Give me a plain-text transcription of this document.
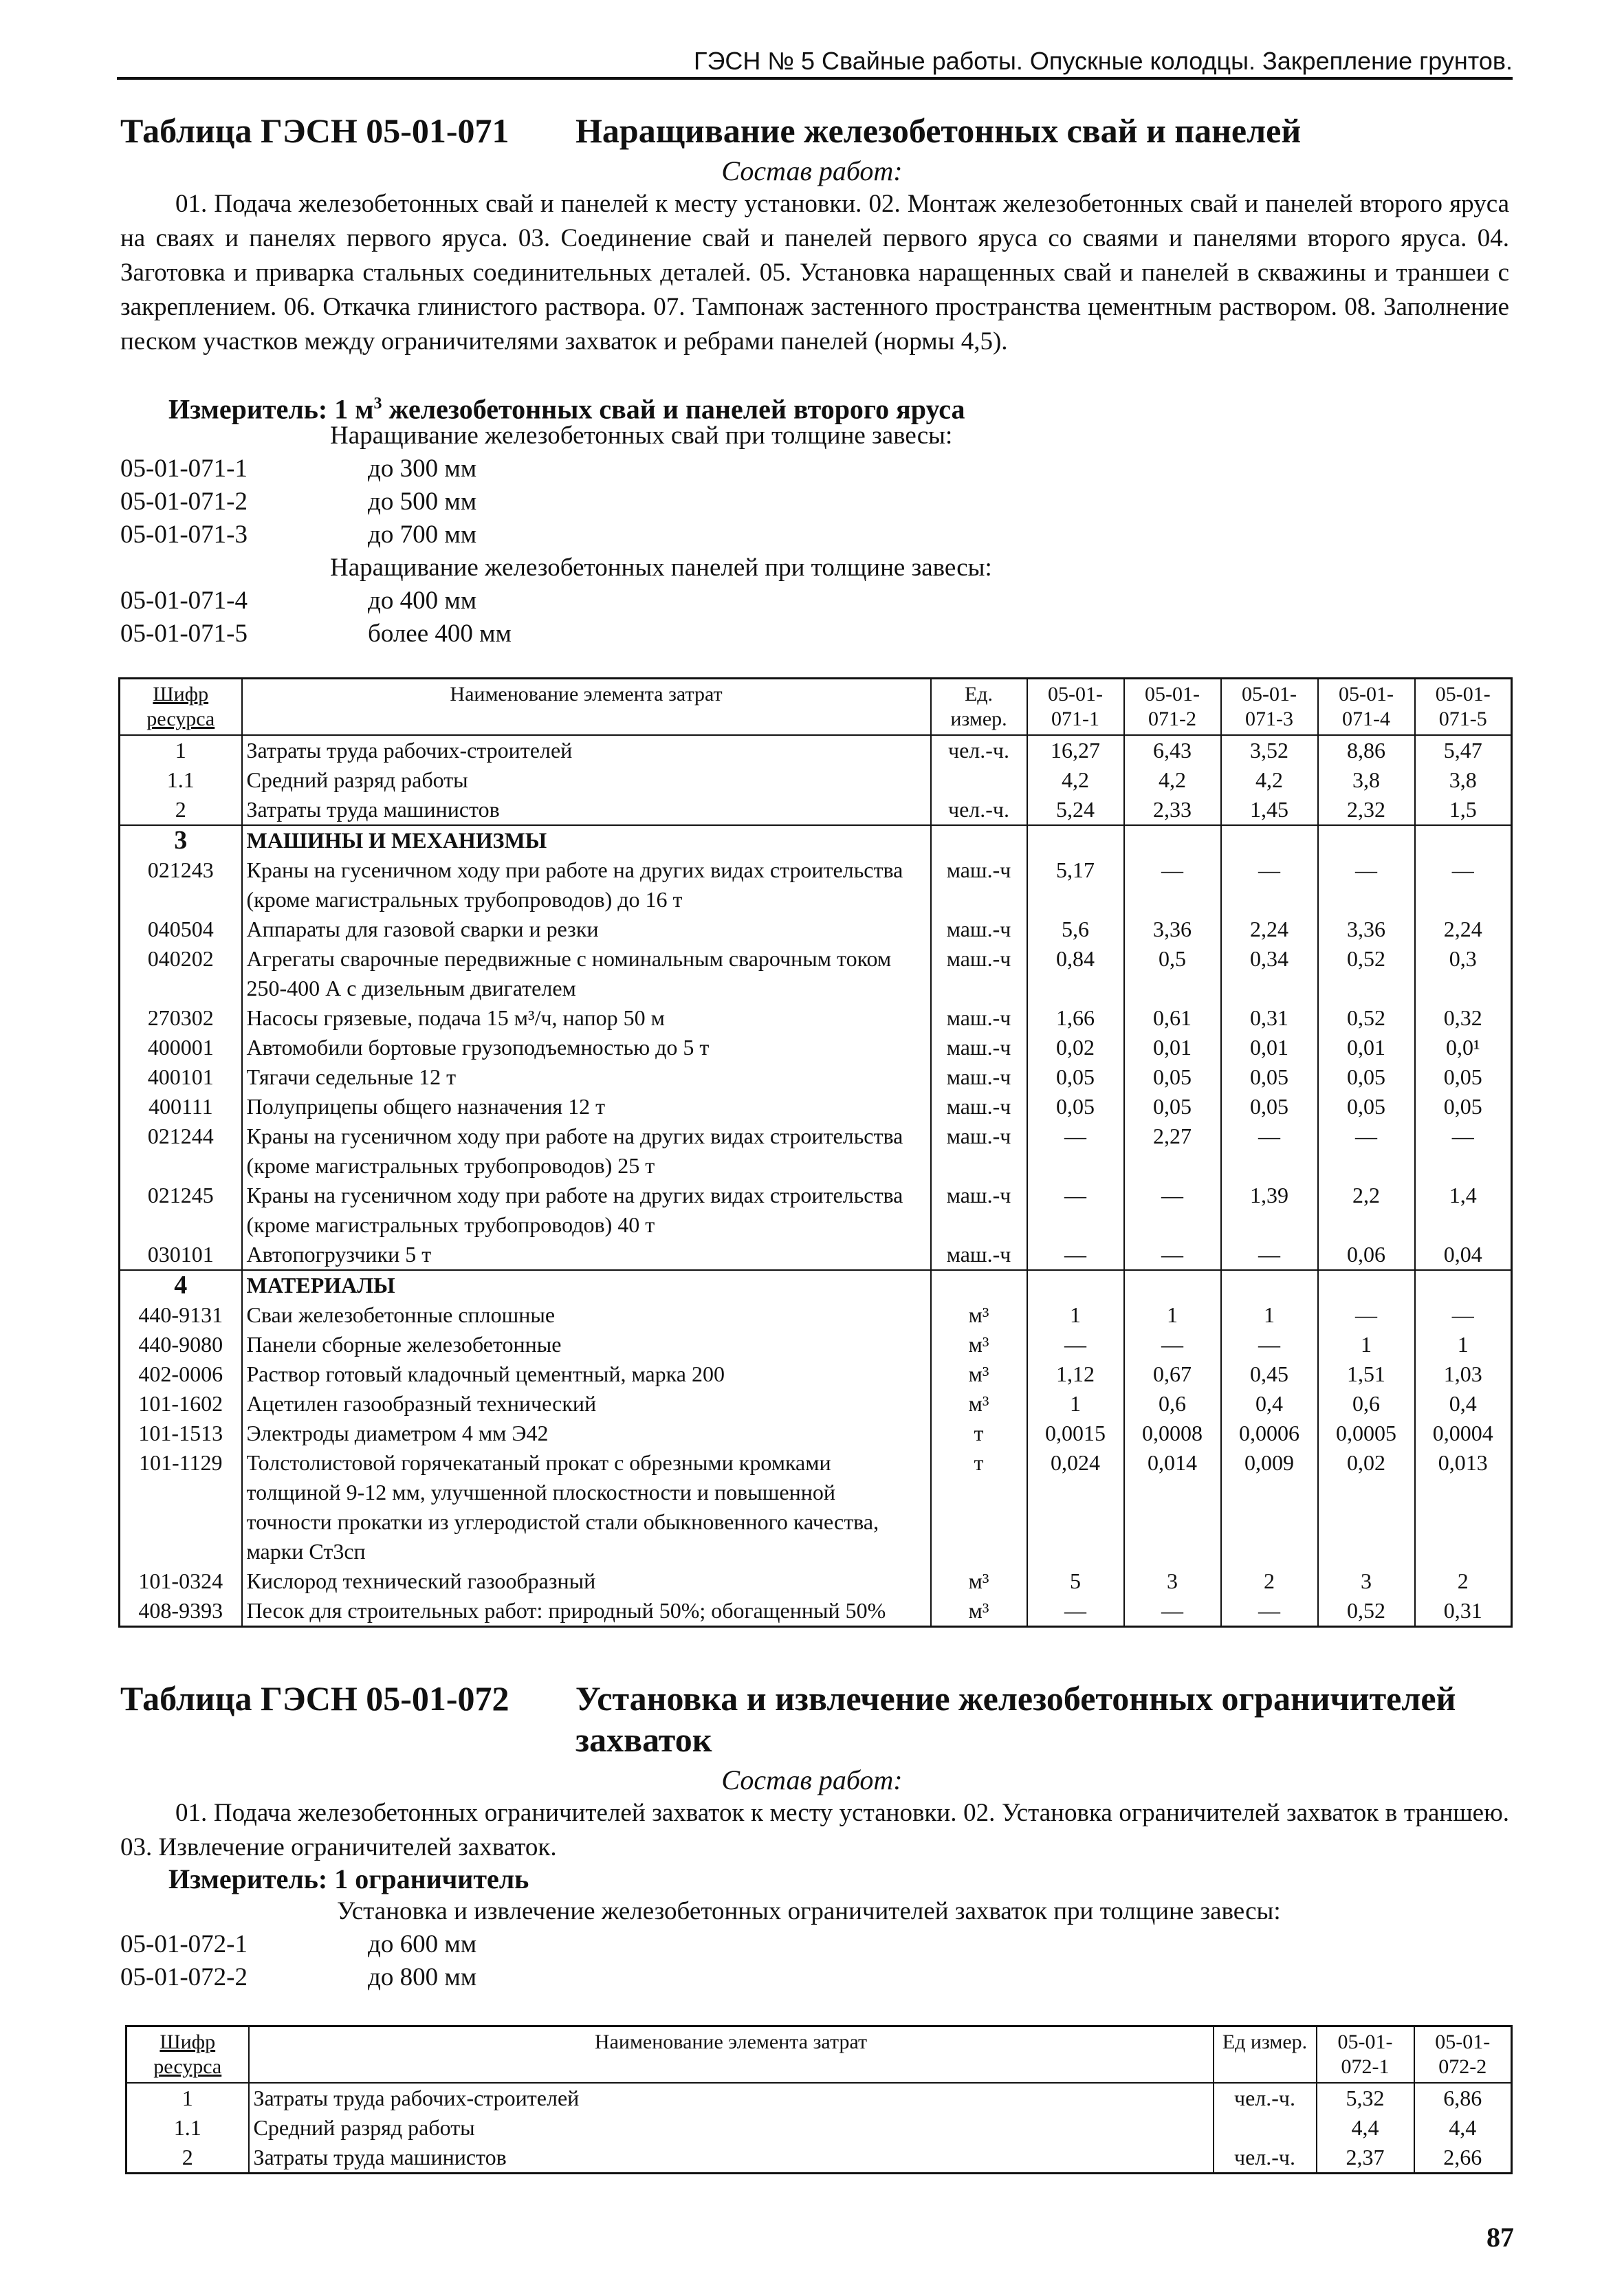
ГЭСН № 5 Свайные работы. Опускные колодцы. Закрепление грунтов.
Таблица ГЭСН 05-01-071 Наращивание железобетонных свай и панелей
Состав работ:
01. Подача железобетонных свай и панелей к месту установки. 02. Монтаж железобетонных свай и панелей второго яруса на сваях и панелях первого яруса. 03. Соединение свай и панелей первого яруса со сваями и панелями второго яруса. 04. Заготовка и приварка стальных соединительных деталей. 05. Установка наращенных свай и панелей в скважины и траншеи с закреплением. 06. Откачка глинистого раствора. 07. Тампонаж застенного пространства цементным раствором. 08. Заполнение песком участков между ограничителями захваток и ребрами панелей (нормы 4,5).
Измеритель: 1 $м^3$ железобетонных свай и панелей второго яруса
Наращивание железобетонных свай при толщине завесы:
05-01-071-1	до 300 мм
05-01-071-2	до 500 мм
05-01-071-3	до 700 мм
Наращивание железобетонных панелей при толщине завесы:
05-01-071-4	до 400 мм
05-01-071-5	более 400 мм
Шифр ресурса	Наименование элемента затрат	Ед. измер.	05-01-071-1	05-01-071-2	05-01-071-3	05-01-071-4	05-01-071-5
1	Затраты труда рабочих-строителей	чел.-ч.	16,27	6,43	3,52	8,86	5,47
1.1	Средний разряд работы		4,2	4,2	4,2	3,8	3,8
2	Затраты труда машинистов	чел.-ч.	5,24	2,33	1,45	2,32	1,5
3	МАШИНЫ И МЕХАНИЗМЫ						
021243	Краны на гусеничном ходу при работе на других видах строительства (кроме магистральных трубопроводов) до 16 т	маш.-ч	5,17	—	—	—	—
040504	Аппараты для газовой сварки и резки	маш.-ч	5,6	3,36	2,24	3,36	2,24
040202	Агрегаты сварочные передвижные с номинальным сварочным током 250-400 А с дизельным двигателем	маш.-ч	0,84	0,5	0,34	0,52	0,3
270302	Насосы грязевые, подача 15 м³/ч, напор 50 м	маш.-ч	1,66	0,61	0,31	0,52	0,32
400001	Автомобили бортовые грузоподъемностью до 5 т	маш.-ч	0,02	0,01	0,01	0,01	0,0¹
400101	Тягачи седельные 12 т	маш.-ч	0,05	0,05	0,05	0,05	0,05
400111	Полуприцепы общего назначения 12 т	маш.-ч	0,05	0,05	0,05	0,05	0,05
021244	Краны на гусеничном ходу при работе на других видах строительства (кроме магистральных трубопроводов) 25 т	маш.-ч	—	2,27	—	—	—
021245	Краны на гусеничном ходу при работе на других видах строительства (кроме магистральных трубопроводов) 40 т	маш.-ч	—	—	1,39	2,2	1,4
030101	Автопогрузчики 5 т	маш.-ч	—	—	—	0,06	0,04
4	МАТЕРИАЛЫ						
440-9131	Сваи железобетонные сплошные	м³	1	1	1	—	—
440-9080	Панели сборные железобетонные	м³	—	—	—	1	1
402-0006	Раствор готовый кладочный цементный, марка 200	м³	1,12	0,67	0,45	1,51	1,03
101-1602	Ацетилен газообразный технический	м³	1	0,6	0,4	0,6	0,4
101-1513	Электроды диаметром 4 мм Э42	т	0,0015	0,0008	0,0006	0,0005	0,0004
101-1129	Толстолистовой горячекатаный прокат с обрезными кромками толщиной 9-12 мм, улучшенной плоскостности и повышенной точности прокатки из углеродистой стали обыкновенного качества, марки Ст3сп	т	0,024	0,014	0,009	0,02	0,013
101-0324	Кислород технический газообразный	м³	5	3	2	3	2
408-9393	Песок для строительных работ: природный 50%; обогащенный 50%	м³	—	—	—	0,52	0,31
Таблица ГЭСН 05-01-072 Установка и извлечение железобетонных ограничителей захваток
Состав работ:
01. Подача железобетонных ограничителей захваток к месту установки. 02. Установка ограничителей захваток в траншею. 03. Извлечение ограничителей захваток.
Измеритель: 1 ограничитель
Установка и извлечение железобетонных ограничителей захваток при толщине завесы:
05-01-072-1	до 600 мм
05-01-072-2	до 800 мм
Шифр ресурса	Наименование элемента затрат	Ед измер.	05-01-072-1	05-01-072-2
1	Затраты труда рабочих-строителей	чел.-ч.	5,32	6,86
1.1	Средний разряд работы		4,4	4,4
2	Затраты труда машинистов	чел.-ч.	2,37	2,66
87
